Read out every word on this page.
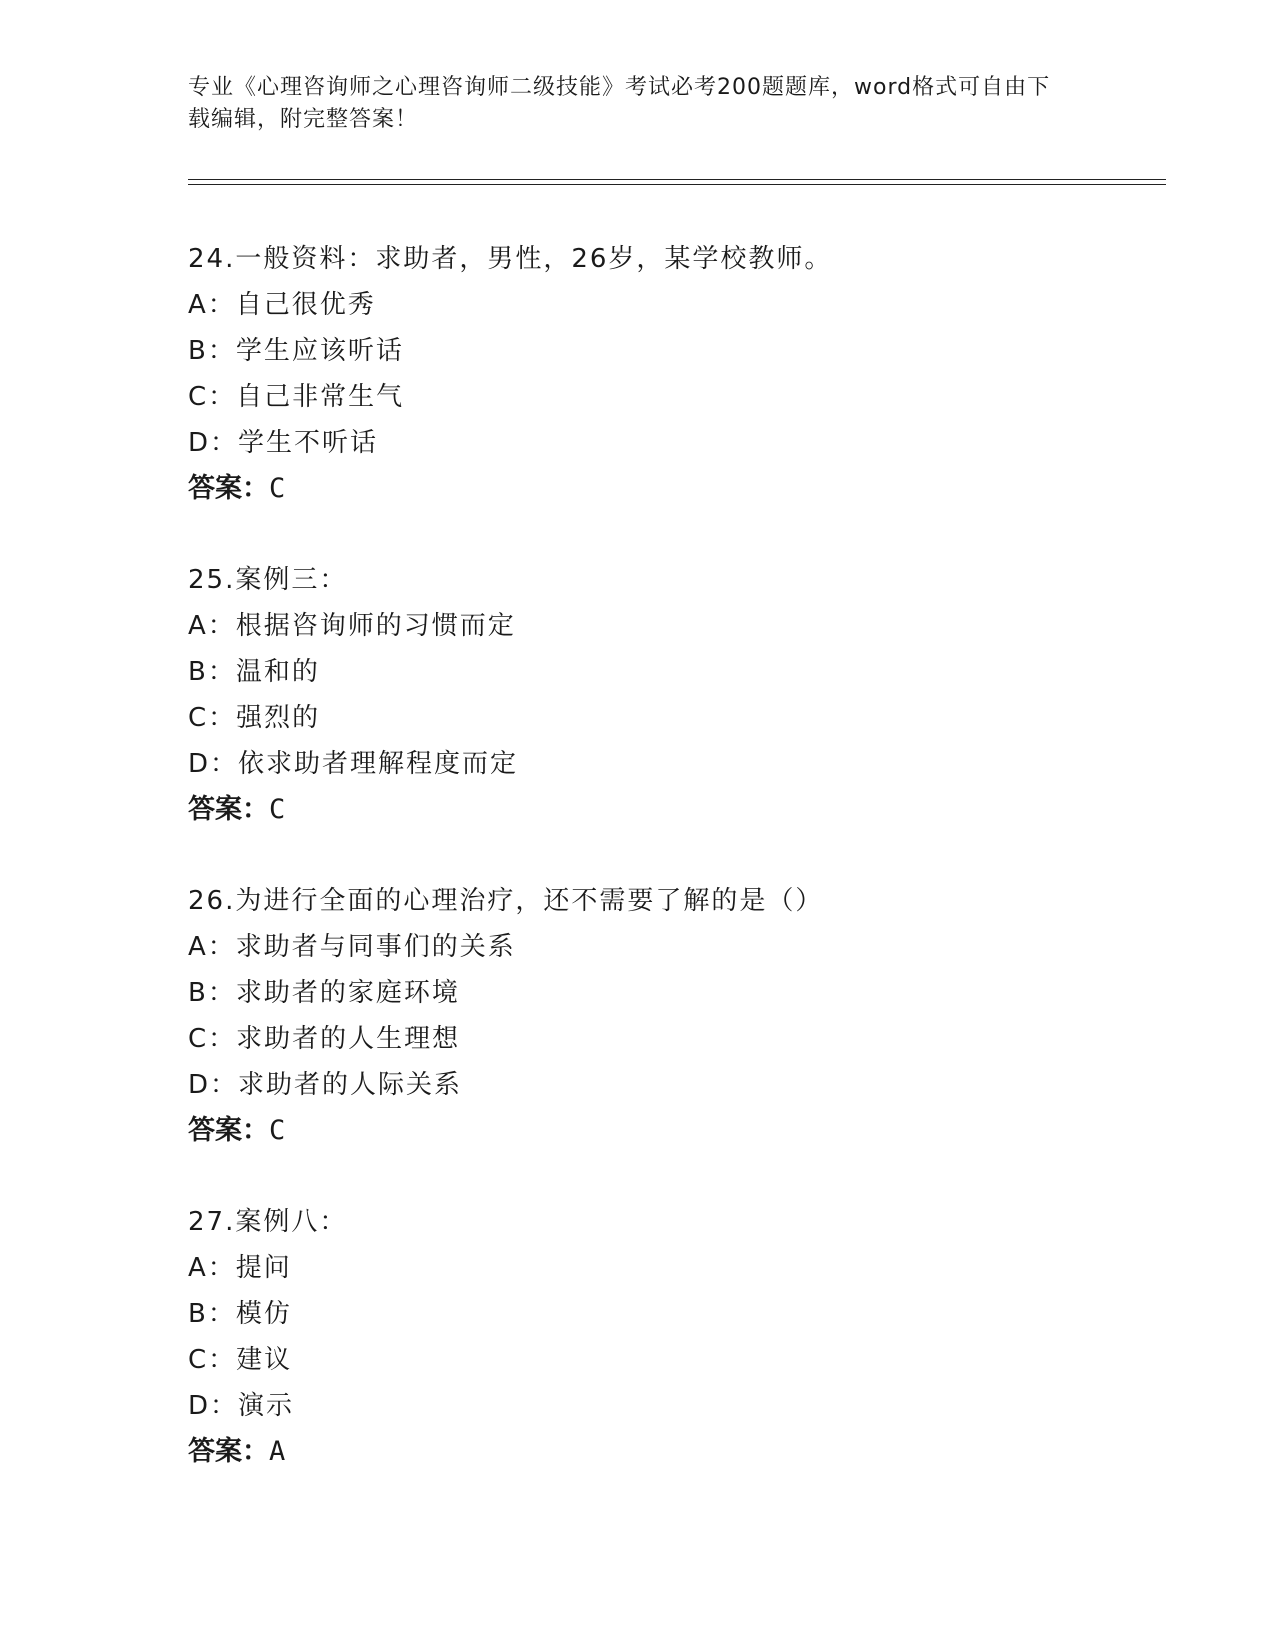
专业《心理咨询师之心理咨询师二级技能》考试必考200题题库，word格式可自由下载编辑，附完整答案！
24.一般资料：求助者，男性，26岁，某学校教师。
A：自己很优秀
B：学生应该听话
C：自己非常生气
D：学生不听话
答案：C
25.案例三：
A：根据咨询师的习惯而定
B：温和的
C：强烈的
D：依求助者理解程度而定
答案：C
26.为进行全面的心理治疗，还不需要了解的是（）
A：求助者与同事们的关系
B：求助者的家庭环境
C：求助者的人生理想
D：求助者的人际关系
答案：C
27.案例八：
A：提问
B：模仿
C：建议
D：演示
答案：A
